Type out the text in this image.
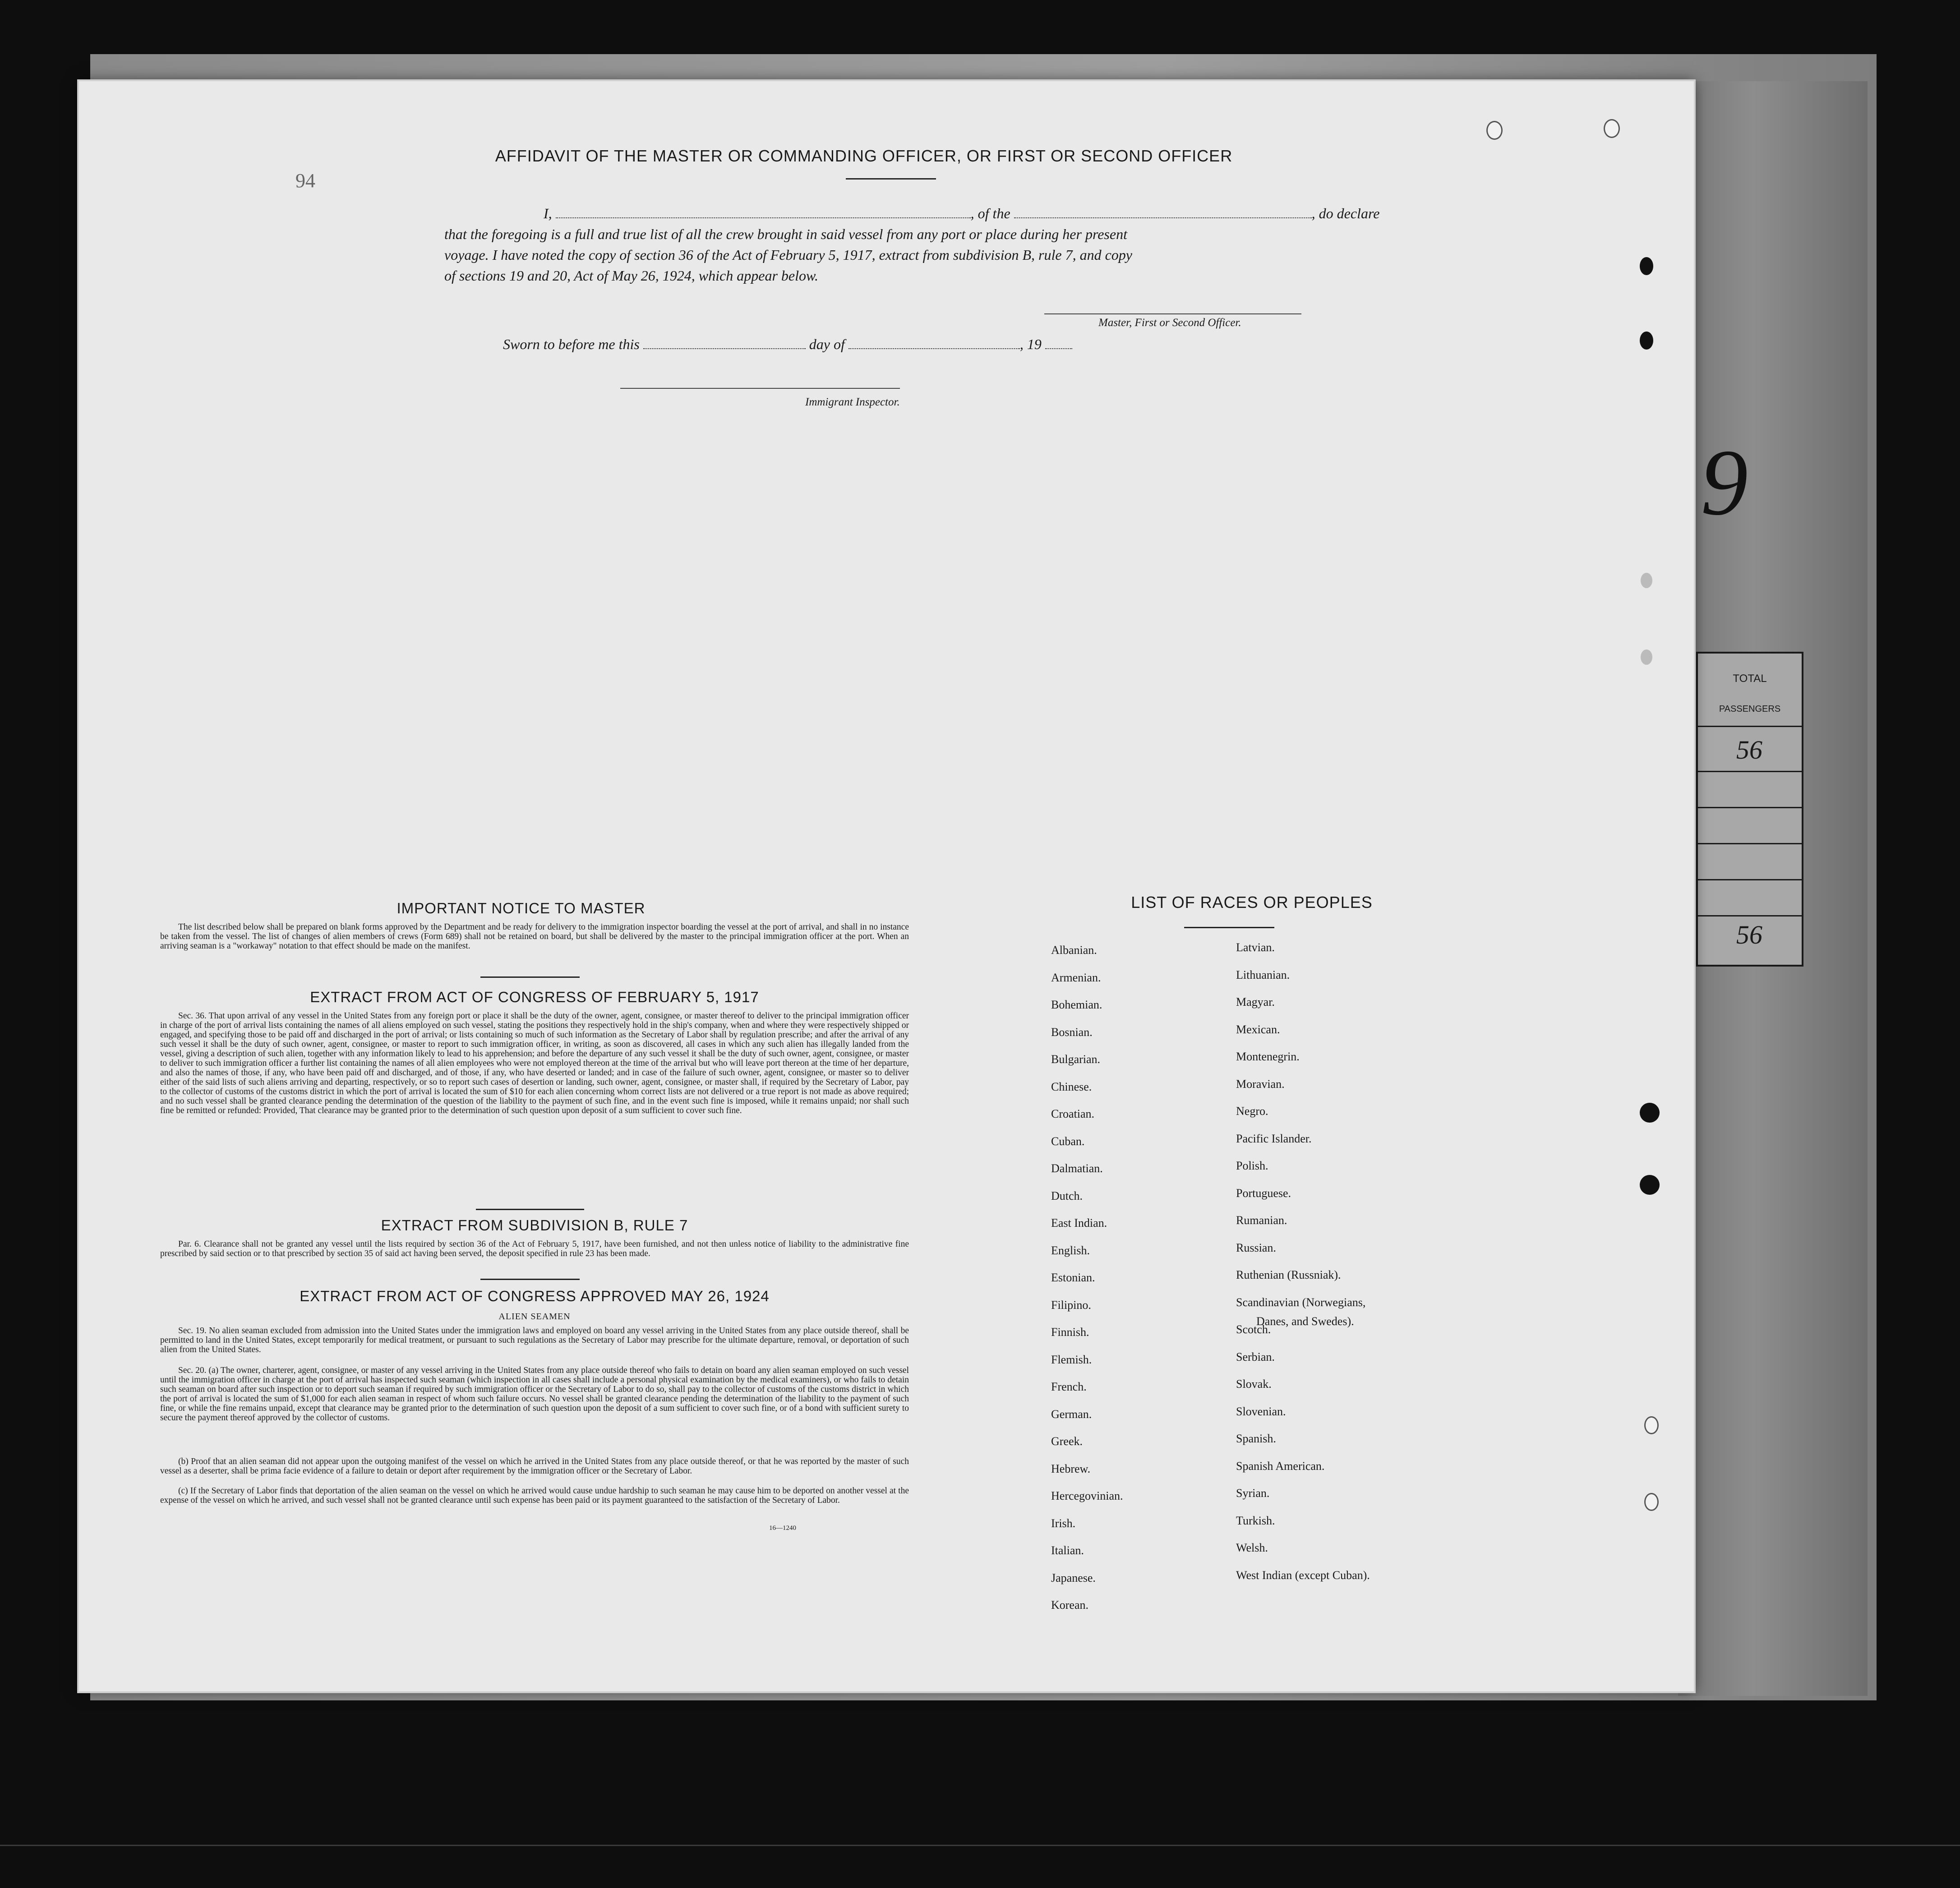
TOTAL
PASSENGERS
56
56
9
94
AFFIDAVIT OF THE MASTER OR COMMANDING OFFICER, OR FIRST OR SECOND OFFICER
I,	, of the	, do declare
that the foregoing is a full and true list of all the crew brought in said vessel from any port or place during her present
voyage. I have noted the copy of section 36 of the Act of February 5, 1917, extract from subdivision B, rule 7, and copy
of sections 19 and 20, Act of May 26, 1924, which appear below.
Master, First or Second Officer.
Sworn to before me this	day of	, 19
Immigrant Inspector.
IMPORTANT NOTICE TO MASTER
The list described below shall be prepared on blank forms approved by the Department and be ready for delivery to the immigration inspector boarding the vessel at the port of arrival, and shall in no instance be taken from the vessel. The list of changes of alien members of crews (Form 689) shall not be retained on board, but shall be delivered by the master to the principal immigration officer at the port. When an arriving seaman is a "workaway" notation to that effect should be made on the manifest.
EXTRACT FROM ACT OF CONGRESS OF FEBRUARY 5, 1917
Sec. 36. That upon arrival of any vessel in the United States from any foreign port or place it shall be the duty of the owner, agent, consignee, or master thereof to deliver to the principal immigration officer in charge of the port of arrival lists containing the names of all aliens employed on such vessel, stating the positions they respectively hold in the ship's company, when and where they were respectively shipped or engaged, and specifying those to be paid off and discharged in the port of arrival; or lists containing so much of such information as the Secretary of Labor shall by regulation prescribe; and after the arrival of any such vessel it shall be the duty of such owner, agent, consignee, or master to report to such immigration officer, in writing, as soon as discovered, all cases in which any such alien has illegally landed from the vessel, giving a description of such alien, together with any information likely to lead to his apprehension; and before the departure of any such vessel it shall be the duty of such owner, agent, consignee, or master to deliver to such immigration officer a further list containing the names of all alien employees who were not employed thereon at the time of the arrival but who will leave port thereon at the time of her departure, and also the names of those, if any, who have been paid off and discharged, and of those, if any, who have deserted or landed; and in case of the failure of such owner, agent, consignee, or master so to deliver either of the said lists of such aliens arriving and departing, respectively, or so to report such cases of desertion or landing, such owner, agent, consignee, or master shall, if required by the Secretary of Labor, pay to the collector of customs of the customs district in which the port of arrival is located the sum of $10 for each alien concerning whom correct lists are not delivered or a true report is not made as above required; and no such vessel shall be granted clearance pending the determination of the question of the liability to the payment of such fine, and in the event such fine is imposed, while it remains unpaid; nor shall such fine be remitted or refunded: Provided, That clearance may be granted prior to the determination of such question upon deposit of a sum sufficient to cover such fine.
EXTRACT FROM SUBDIVISION B, RULE 7
Par. 6. Clearance shall not be granted any vessel until the lists required by section 36 of the Act of February 5, 1917, have been furnished, and not then unless notice of liability to the administrative fine prescribed by said section or to that prescribed by section 35 of said act having been served, the deposit specified in rule 23 has been made.
EXTRACT FROM ACT OF CONGRESS APPROVED MAY 26, 1924
ALIEN SEAMEN
Sec. 19. No alien seaman excluded from admission into the United States under the immigration laws and employed on board any vessel arriving in the United States from any place outside thereof, shall be permitted to land in the United States, except temporarily for medical treatment, or pursuant to such regulations as the Secretary of Labor may prescribe for the ultimate departure, removal, or deportation of such alien from the United States.
Sec. 20. (a) The owner, charterer, agent, consignee, or master of any vessel arriving in the United States from any place outside thereof who fails to detain on board any alien seaman employed on such vessel until the immigration officer in charge at the port of arrival has inspected such seaman (which inspection in all cases shall include a personal physical examination by the medical examiners), or who fails to detain such seaman on board after such inspection or to deport such seaman if required by such immigration officer or the Secretary of Labor to do so, shall pay to the collector of customs of the customs district in which the port of arrival is located the sum of $1,000 for each alien seaman in respect of whom such failure occurs. No vessel shall be granted clearance pending the determination of the liability to the payment of such fine, or while the fine remains unpaid, except that clearance may be granted prior to the determination of such question upon the deposit of a sum sufficient to cover such fine, or of a bond with sufficient surety to secure the payment thereof approved by the collector of customs.
(b) Proof that an alien seaman did not appear upon the outgoing manifest of the vessel on which he arrived in the United States from any place outside thereof, or that he was reported by the master of such vessel as a deserter, shall be prima facie evidence of a failure to detain or deport after requirement by the immigration officer or the Secretary of Labor.
(c) If the Secretary of Labor finds that deportation of the alien seaman on the vessel on which he arrived would cause undue hardship to such seaman he may cause him to be deported on another vessel at the expense of the vessel on which he arrived, and such vessel shall not be granted clearance until such expense has been paid or its payment guaranteed to the satisfaction of the Secretary of Labor.
16—1240
LIST OF RACES OR PEOPLES
Albanian.
Armenian.
Bohemian.
Bosnian.
Bulgarian.
Chinese.
Croatian.
Cuban.
Dalmatian.
Dutch.
East Indian.
English.
Estonian.
Filipino.
Finnish.
Flemish.
French.
German.
Greek.
Hebrew.
Hercegovinian.
Irish.
Italian.
Japanese.
Korean.
Latvian.
Lithuanian.
Magyar.
Mexican.
Montenegrin.
Moravian.
Negro.
Pacific Islander.
Polish.
Portuguese.
Rumanian.
Russian.
Ruthenian (Russniak).
Scandinavian (Norwegians,
Scotch.
Serbian.
Slovak.
Slovenian.
Spanish.
Spanish American.
Syrian.
Turkish.
Welsh.
West Indian (except Cuban).
Danes, and Swedes).
